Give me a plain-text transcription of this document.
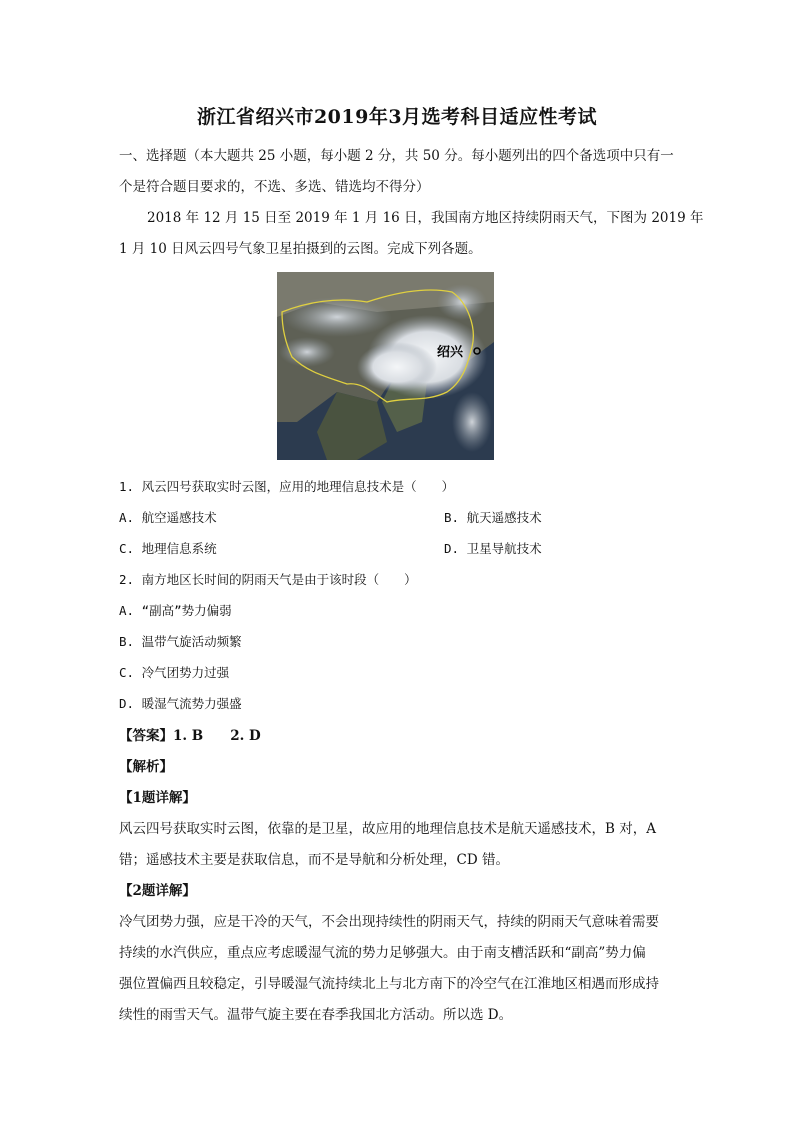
浙江省绍兴市2019年3月选考科目适应性考试
一、选择题（本大题共 25 小题，每小题 2 分，共 50 分。每小题列出的四个备选项中只有一
个是符合题目要求的，不选、多选、错选均不得分）
2018 年 12 月 15 日至 2019 年 1 月 16 日，我国南方地区持续阴雨天气，下图为 2019 年
1 月 10 日风云四号气象卫星拍摄到的云图。完成下列各题。
绍兴
1. 风云四号获取实时云图，应用的地理信息技术是（　　）
A. 航空遥感技术	B. 航天遥感技术
C. 地理信息系统	D. 卫星导航技术
2. 南方地区长时间的阴雨天气是由于该时段（　　）
A. “副高”势力偏弱
B. 温带气旋活动频繁
C. 冷气团势力过强
D. 暖湿气流势力强盛
【答案】1. B　　2. D
【解析】
【1题详解】
风云四号获取实时云图，依靠的是卫星，故应用的地理信息技术是航天遥感技术，B 对，A
错；遥感技术主要是获取信息，而不是导航和分析处理，CD 错。
【2题详解】
冷气团势力强，应是干冷的天气，不会出现持续性的阴雨天气，持续的阴雨天气意味着需要
持续的水汽供应，重点应考虑暖湿气流的势力足够强大。由于南支槽活跃和“副高”势力偏
强位置偏西且较稳定，引导暖湿气流持续北上与北方南下的冷空气在江淮地区相遇而形成持
续性的雨雪天气。温带气旋主要在春季我国北方活动。所以选 D。
